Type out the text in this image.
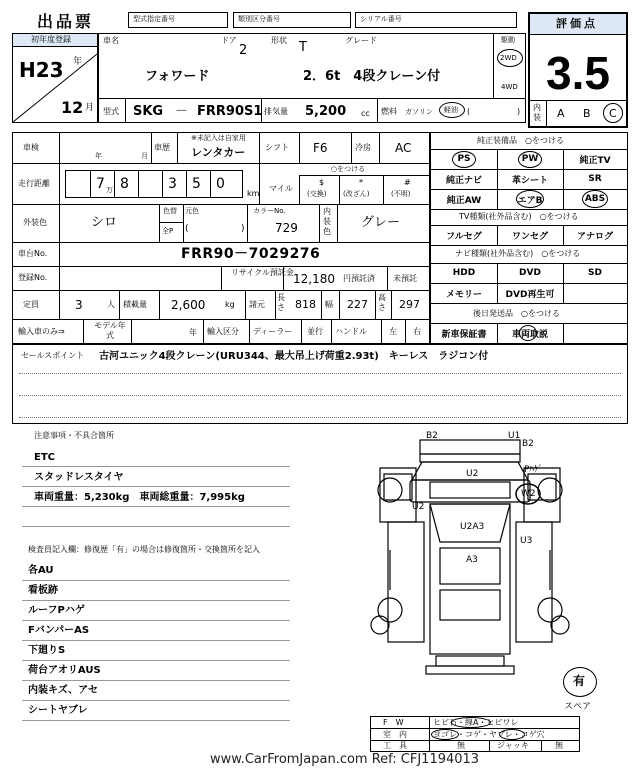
出品票	型式指定番号	類別区分番号	シリアル番号	評価点
3.5
内装 A B C
初年度登録
H23 年
12 月
車名	ドア
2
形状 T	グレード
フォワード	2．6t　4段クレーン付
駆動
2WD
4WD
型式 SKG － FRR90S1 排気量 5,200 cc 燃料 ガソリン 軽油 (	)
車検
年	月
車歴
※未記入は自家用
レンタカー シフト F6	冷房 AC
走行距離	7 万 8	3 5 0
km
○をつける
マイル
$
(交換)
*
(改ざん)
#
(不明)
外装色	シロ
色替 元色
全P (	)
カラーNo.
729
内装色
グレー
車台No.	FRR90－7029276
登録No.
リサイクル預託金 12,180 円預託済 未預託
定員	3	人 積載量 2,600 kg 諸元
長さ 818 幅 227
高さ 297
輸入車のみ⇒
モデル年式	年 輸入区分 ディーラー 並行 ハンドル	左 右
純正装備品　○をつける
PS	PW	純正TV
純正ナビ	革シート	SR
純正AW	エアB	ABS
TV種類(社外品含む)　○をつける
フルセグ	ワンセグ	アナログ
ナビ種類(社外品含む)　○をつける
HDD	DVD	SD
メモリー	DVD再生可
後日発送品　○をつける
新車保証書	車両取説
セールスポイント 古河ユニック4段クレーン(URU344、最大吊上げ荷重2.93t)　キーレス　ラジコン付
注意事項・不具合箇所
ETC
スタッドレスタイヤ
車両重量：5,230kg　車両総重量：7,995kg
検査員記入欄：修復歴「有」の場合は修復箇所・交換箇所を記入
各AU
看板跡
ルーフPハゲ
FバンパーAS
下廻りS
荷台アオリAUS
内装キズ、アセ
シートヤブレ
B2	U1
B2
U2	Pﾊｹﾞ
W2
U2
U2A3
U3
A3
有
スペア
F　W	ヒビ石・線A・ヒビワレ
室　内	ヨゴレ・コゲ・ヤブレ・コゲ穴
工　具	無	ジャッキ	無
www.CarFromJapan.com Ref: CFJ1194013
